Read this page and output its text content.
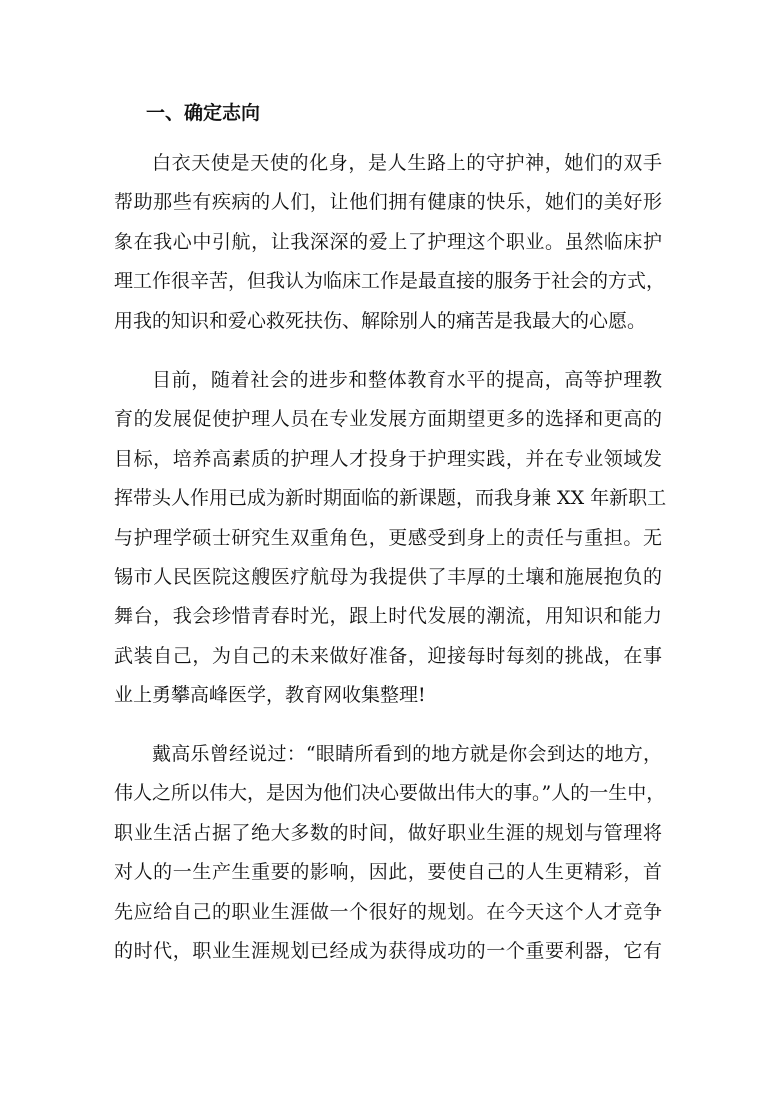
一、确定志向

白衣天使是天使的化身，是人生路上的守护神，她们的双手
帮助那些有疾病的人们，让他们拥有健康的快乐，她们的美好形
象在我心中引航，让我深深的爱上了护理这个职业。虽然临床护
理工作很辛苦，但我认为临床工作是最直接的服务于社会的方式，
用我的知识和爱心救死扶伤、解除别人的痛苦是我最大的心愿。

目前，随着社会的进步和整体教育水平的提高，高等护理教
育的发展促使护理人员在专业发展方面期望更多的选择和更高的
目标，培养高素质的护理人才投身于护理实践，并在专业领域发
挥带头人作用已成为新时期面临的新课题，而我身兼 XX 年新职工
与护理学硕士研究生双重角色，更感受到身上的责任与重担。无
锡市人民医院这艘医疗航母为我提供了丰厚的土壤和施展抱负的
舞台，我会珍惜青春时光，跟上时代发展的潮流，用知识和能力
武装自己，为自己的未来做好准备，迎接每时每刻的挑战，在事
业上勇攀高峰医学，教育网收集整理!

戴高乐曾经说过：“眼睛所看到的地方就是你会到达的地方，
伟人之所以伟大，是因为他们决心要做出伟大的事。”人的一生中，
职业生活占据了绝大多数的时间，做好职业生涯的规划与管理将
对人的一生产生重要的影响，因此，要使自己的人生更精彩，首
先应给自己的职业生涯做一个很好的规划。在今天这个人才竞争
的时代，职业生涯规划已经成为获得成功的一个重要利器，它有
